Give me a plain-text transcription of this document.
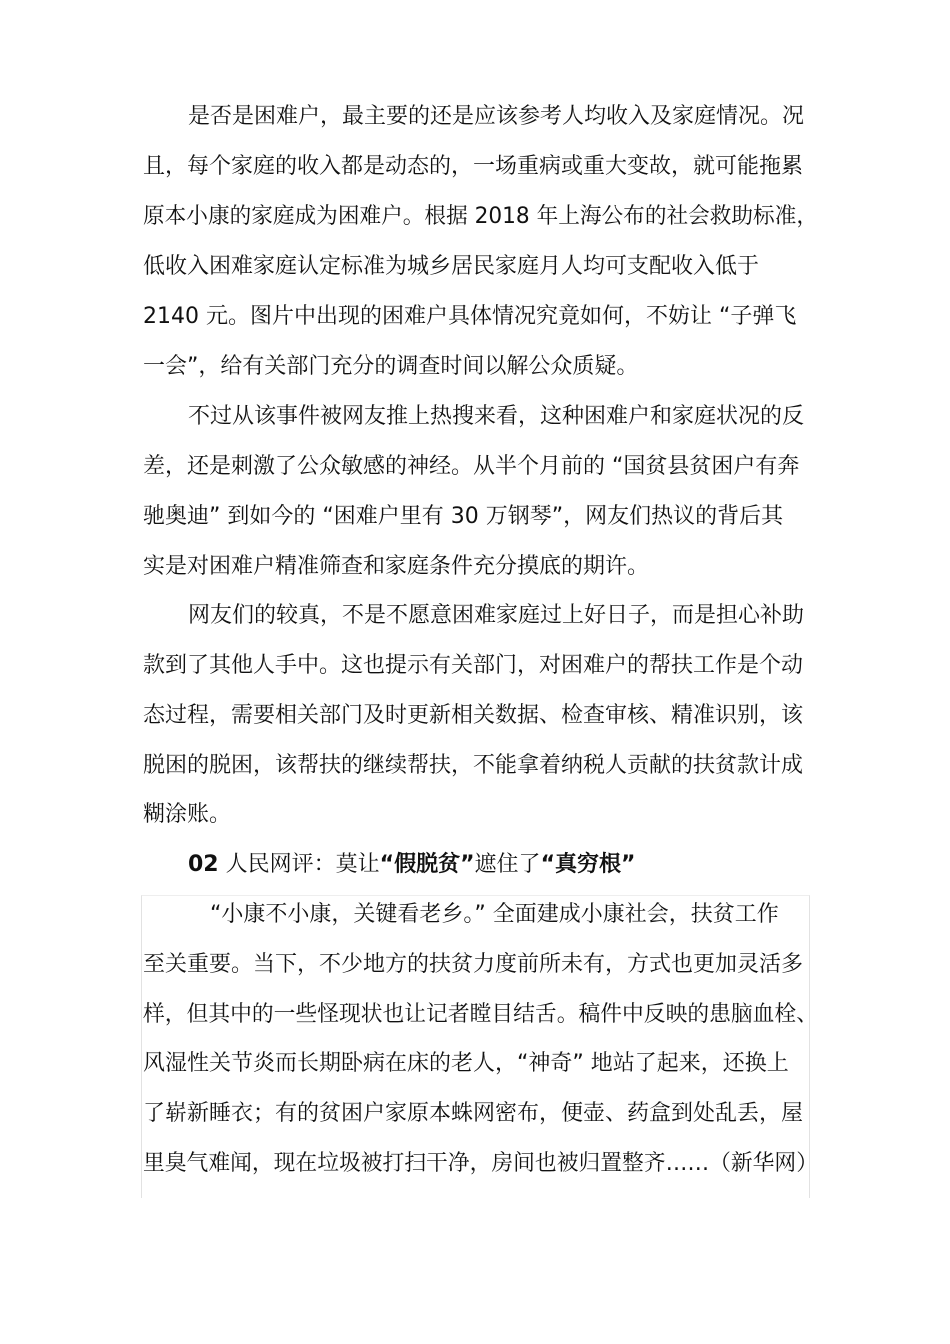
是否是困难户，最主要的还是应该参考人均收入及家庭情况。况
且，每个家庭的收入都是动态的，一场重病或重大变故，就可能拖累
原本小康的家庭成为困难户。根据 2018 年上海公布的社会救助标准，
低收入困难家庭认定标准为城乡居民家庭月人均可支配收入低于
2140 元。图片中出现的困难户具体情况究竟如何，不妨让 “子弹飞
一会”，给有关部门充分的调查时间以解公众质疑。
不过从该事件被网友推上热搜来看，这种困难户和家庭状况的反
差，还是刺激了公众敏感的神经。从半个月前的 “国贫县贫困户有奔
驰奥迪” 到如今的 “困难户里有 30 万钢琴”，网友们热议的背后其
实是对困难户精准筛查和家庭条件充分摸底的期许。
网友们的较真，不是不愿意困难家庭过上好日子，而是担心补助
款到了其他人手中。这也提示有关部门，对困难户的帮扶工作是个动
态过程，需要相关部门及时更新相关数据、检查审核、精准识别，该
脱困的脱困，该帮扶的继续帮扶，不能拿着纳税人贡献的扶贫款计成
糊涂账。
02 人民网评：莫让“假脱贫”遮住了“真穷根”
“小康不小康，关键看老乡。” 全面建成小康社会，扶贫工作
至关重要。当下，不少地方的扶贫力度前所未有，方式也更加灵活多
样，但其中的一些怪现状也让记者瞠目结舌。稿件中反映的患脑血栓、
风湿性关节炎而长期卧病在床的老人，“神奇” 地站了起来，还换上
了崭新睡衣；有的贫困户家原本蛛网密布，便壶、药盒到处乱丢，屋
里臭气难闻，现在垃圾被打扫干净，房间也被归置整齐……（新华网）
